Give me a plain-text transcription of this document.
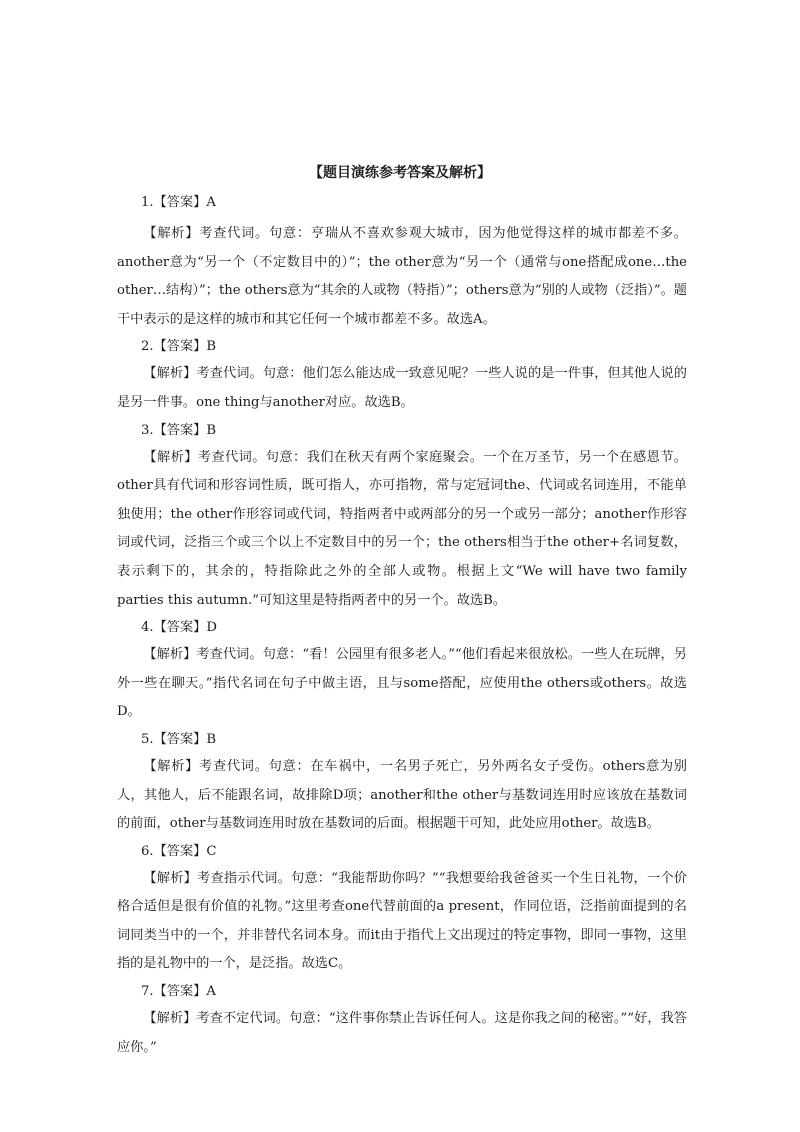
【题目演练参考答案及解析】

1.【答案】A

【解析】考查代词。句意：亨瑞从不喜欢参观大城市，因为他觉得这样的城市都差不多。another意为“另一个（不定数目中的）”；the other意为“另一个（通常与one搭配成one…the other…结构）”；the others意为“其余的人或物（特指）”；others意为“别的人或物（泛指）”。题干中表示的是这样的城市和其它任何一个城市都差不多。故选A。

2.【答案】B

【解析】考查代词。句意：他们怎么能达成一致意见呢？一些人说的是一件事，但其他人说的是另一件事。one thing与another对应。故选B。

3.【答案】B

【解析】考查代词。句意：我们在秋天有两个家庭聚会。一个在万圣节，另一个在感恩节。other具有代词和形容词性质，既可指人，亦可指物，常与定冠词the、代词或名词连用，不能单独使用；the other作形容词或代词，特指两者中或两部分的另一个或另一部分；another作形容词或代词，泛指三个或三个以上不定数目中的另一个；the others相当于the other+名词复数，表示剩下的，其余的，特指除此之外的全部人或物。根据上文“We will have two family parties this autumn.”可知这里是特指两者中的另一个。故选B。

4.【答案】D

【解析】考查代词。句意：“看！公园里有很多老人。”“他们看起来很放松。一些人在玩牌，另外一些在聊天。”指代名词在句子中做主语，且与some搭配，应使用the others或others。故选D。

5.【答案】B

【解析】考查代词。句意：在车祸中，一名男子死亡，另外两名女子受伤。others意为别人，其他人，后不能跟名词，故排除D项；another和the other与基数词连用时应该放在基数词的前面，other与基数词连用时放在基数词的后面。根据题干可知，此处应用other。故选B。

6.【答案】C

【解析】考查指示代词。句意：“我能帮助你吗？”“我想要给我爸爸买一个生日礼物，一个价格合适但是很有价值的礼物。”这里考查one代替前面的a present，作同位语，泛指前面提到的名词同类当中的一个，并非替代名词本身。而it由于指代上文出现过的特定事物，即同一事物，这里指的是礼物中的一个，是泛指。故选C。

7.【答案】A

【解析】考查不定代词。句意：“这件事你禁止告诉任何人。这是你我之间的秘密。”“好，我答应你。”
